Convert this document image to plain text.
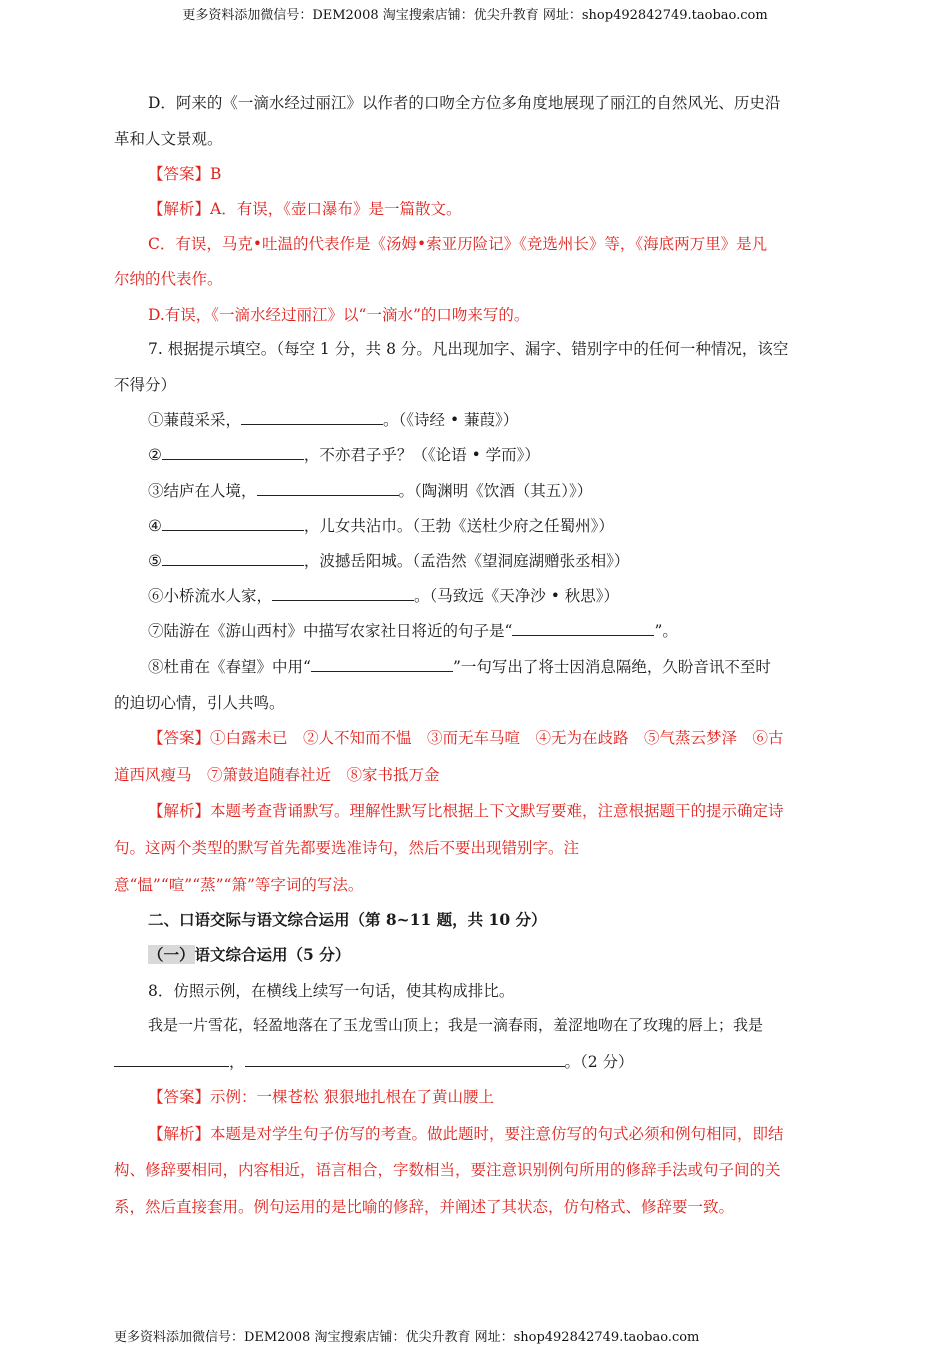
更多资料添加微信号：DEM2008 淘宝搜索店铺：优尖升教育 网址：shop492842749.taobao.com
D．阿来的《一滴水经过丽江》以作者的口吻全方位多角度地展现了丽江的自然风光、历史沿
革和人文景观。
【答案】B
【解析】A．有误，《壶口瀑布》是一篇散文。
C．有误，马克•吐温的代表作是《汤姆•索亚历险记》《竞选州长》等，《海底两万里》是凡
尔纳的代表作。
D.有误，《一滴水经过丽江》以“一滴水”的口吻来写的。
7. 根据提示填空。（每空 1 分，共 8 分。凡出现加字、漏字、错别字中的任何一种情况，该空
不得分）
①蒹葭采采，	。（《诗经 • 蒹葭》）
②	，不亦君子乎？（《论语 • 学而》）
③结庐在人境，	。（陶渊明《饮酒（其五）》）
④	，儿女共沾巾。（王勃《送杜少府之任蜀州》）
⑤	，波撼岳阳城。（孟浩然《望洞庭湖赠张丞相》）
⑥小桥流水人家，	。（马致远《天净沙 • 秋思》）
⑦陆游在《游山西村》中描写农家社日将近的句子是“	”。
⑧杜甫在《春望》中用“	”一句写出了将士因消息隔绝，久盼音讯不至时
的迫切心情，引人共鸣。
【答案】①白露未已　②人不知而不愠　③而无车马喧　④无为在歧路　⑤气蒸云梦泽　⑥古
道西风瘦马　⑦箫鼓追随春社近　⑧家书抵万金
【解析】本题考查背诵默写。理解性默写比根据上下文默写要难，注意根据题干的提示确定诗
句。这两个类型的默写首先都要选准诗句，然后不要出现错别字。注
意“愠”“喧”“蒸”“箫”等字词的写法。
二、口语交际与语文综合运用（第 8~11 题，共 10 分）
（一）语文综合运用（5 分）
8．仿照示例，在横线上续写一句话，使其构成排比。
我是一片雪花，轻盈地落在了玉龙雪山顶上；我是一滴春雨，羞涩地吻在了玫瑰的唇上；我是
，	。（2 分）
【答案】示例：一棵苍松 狠狠地扎根在了黄山腰上
【解析】本题是对学生句子仿写的考查。做此题时，要注意仿写的句式必须和例句相同，即结
构、修辞要相同，内容相近，语言相合，字数相当，要注意识别例句所用的修辞手法或句子间的关
系，然后直接套用。例句运用的是比喻的修辞，并阐述了其状态，仿句格式、修辞要一致。
更多资料添加微信号：DEM2008 淘宝搜索店铺：优尖升教育 网址：shop492842749.taobao.com
